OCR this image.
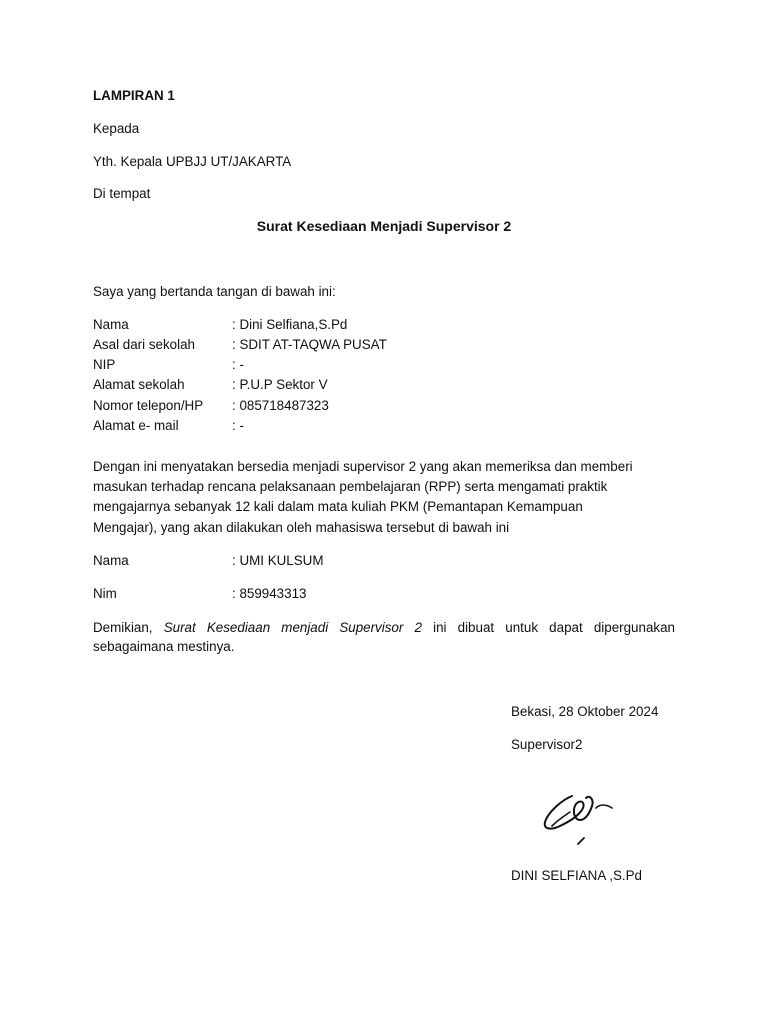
LAMPIRAN 1
Kepada
Yth. Kepala UPBJJ UT/JAKARTA
Di tempat
Surat Kesediaan Menjadi Supervisor 2
Saya yang bertanda tangan di bawah ini:
Nama	: Dini Selfiana,S.Pd
Asal dari sekolah	: SDIT AT-TAQWA PUSAT
NIP	: -
Alamat sekolah	: P.U.P Sektor V
Nomor telepon/HP : 085718487323
Alamat e- mail	: -
Dengan ini menyatakan bersedia menjadi supervisor 2 yang akan memeriksa dan memberi
masukan terhadap rencana pelaksanaan pembelajaran (RPP) serta mengamati praktik
mengajarnya sebanyak 12 kali dalam mata kuliah PKM (Pemantapan Kemampuan
Mengajar), yang akan dilakukan oleh mahasiswa tersebut di bawah ini
Nama	: UMI KULSUM
Nim	: 859943313
Demikian, Surat Kesediaan menjadi Supervisor 2 ini dibuat untuk dapat dipergunakan
sebagaimana mestinya.
Bekasi, 28 Oktober 2024
Supervisor2
DINI SELFIANA ,S.Pd
